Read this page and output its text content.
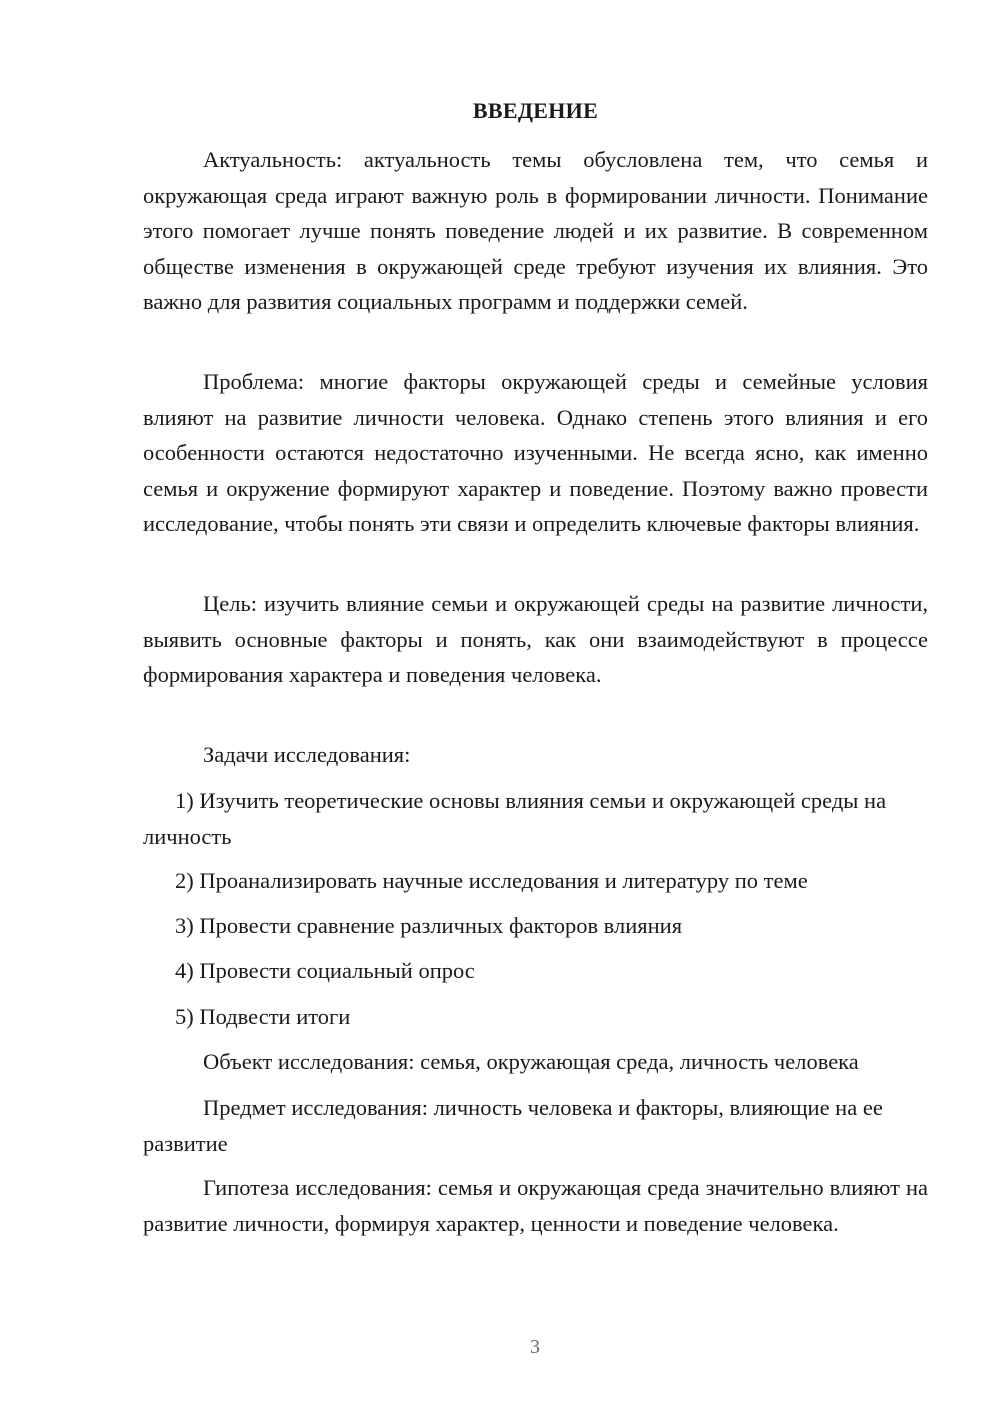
ВВЕДЕНИЕ

Актуальность: актуальность темы обусловлена тем, что семья и окружающая среда играют важную роль в формировании личности. Понимание этого помогает лучше понять поведение людей и их развитие. В современном обществе изменения в окружающей среде требуют изучения их влияния. Это важно для развития социальных программ и поддержки семей.

Проблема: многие факторы окружающей среды и семейные условия влияют на развитие личности человека. Однако степень этого влияния и его особенности остаются недостаточно изученными. Не всегда ясно, как именно семья и окружение формируют характер и поведение. Поэтому важно провести исследование, чтобы понять эти связи и определить ключевые факторы влияния.

Цель: изучить влияние семьи и окружающей среды на развитие личности, выявить основные факторы и понять, как они взаимодействуют в процессе формирования характера и поведения человека.

Задачи исследования:

1) Изучить теоретические основы влияния семьи и окружающей среды на личность

2) Проанализировать научные исследования и литературу по теме

3) Провести сравнение различных факторов влияния

4) Провести социальный опрос

5) Подвести итоги

Объект исследования: семья, окружающая среда, личность человека

Предмет исследования: личность человека и факторы, влияющие на ее развитие

Гипотеза исследования: семья и окружающая среда значительно влияют на развитие личности, формируя характер, ценности и поведение человека.

3
